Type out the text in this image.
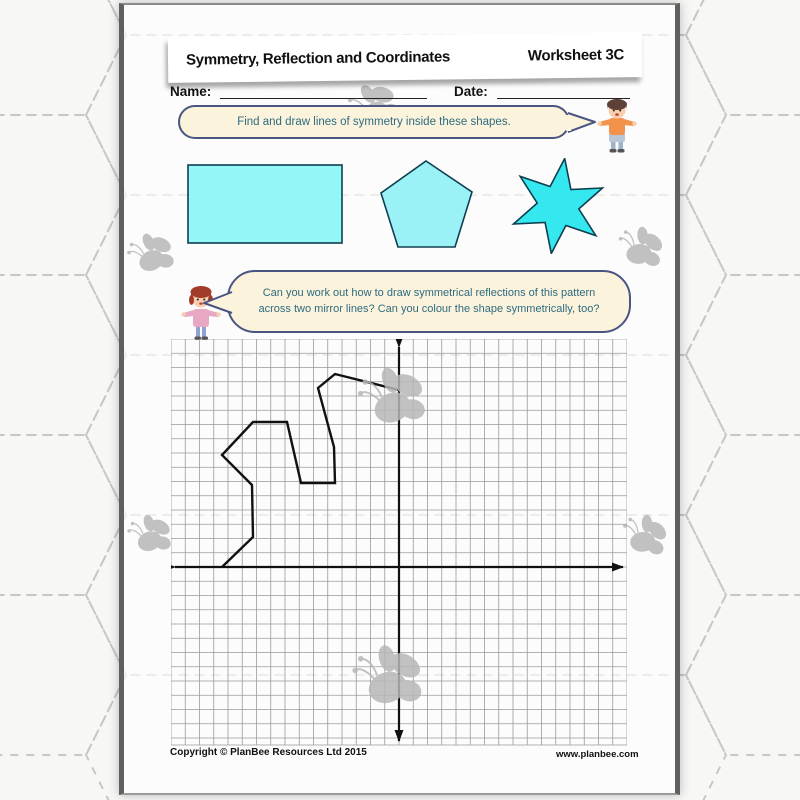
Symmetry, Reflection and Coordinates	Worksheet 3C
Name:	Date:
Find and draw lines of symmetry inside these shapes.
Can you work out how to draw symmetrical reflections of this pattern
across two mirror lines? Can you colour the shape symmetrically, too?
Copyright © PlanBee Resources Ltd 2015	www.planbee.com
